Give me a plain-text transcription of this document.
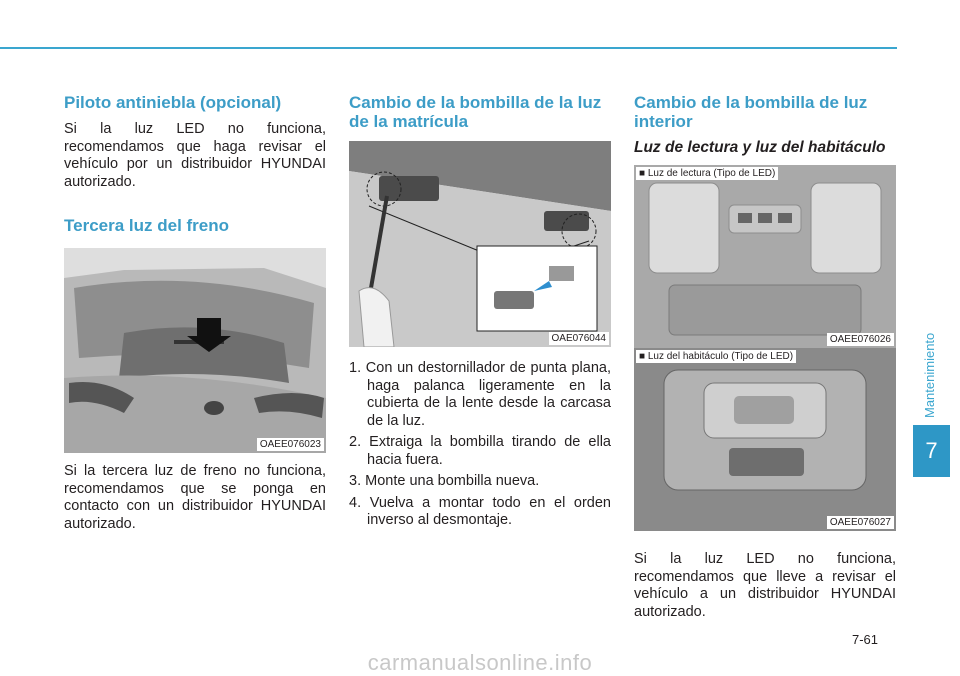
Piloto antiniebla (opcional)

Si la luz LED no funciona, recomendamos que haga revisar el vehículo por un distribuidor HYUNDAI autorizado.

Tercera luz del freno
OAEE076023

Si la tercera luz de freno no funciona, recomendamos que se ponga en contacto con un distribuidor HYUNDAI autorizado.

Cambio de la bombilla de la luz de la matrícula
OAE076044
1. Con un destornillador de punta plana, haga palanca ligeramente en la cubierta de la lente desde la carcasa de la luz.
2. Extraiga la bombilla tirando de ella hacia fuera.
3. Monte una bombilla nueva.
4. Vuelva a montar todo en el orden inverso al desmontaje.
Cambio de la bombilla de luz interior
Luz de lectura y luz del habitáculo
■ Luz de lectura (Tipo de LED)
OAEE076026
■ Luz del habitáculo (Tipo de LED)
OAEE076027

Si la luz LED no funciona, recomendamos que lleve a revisar el vehículo a un distribuidor HYUNDAI autorizado.

Mantenimiento
7
7-61
carmanualsonline.info
